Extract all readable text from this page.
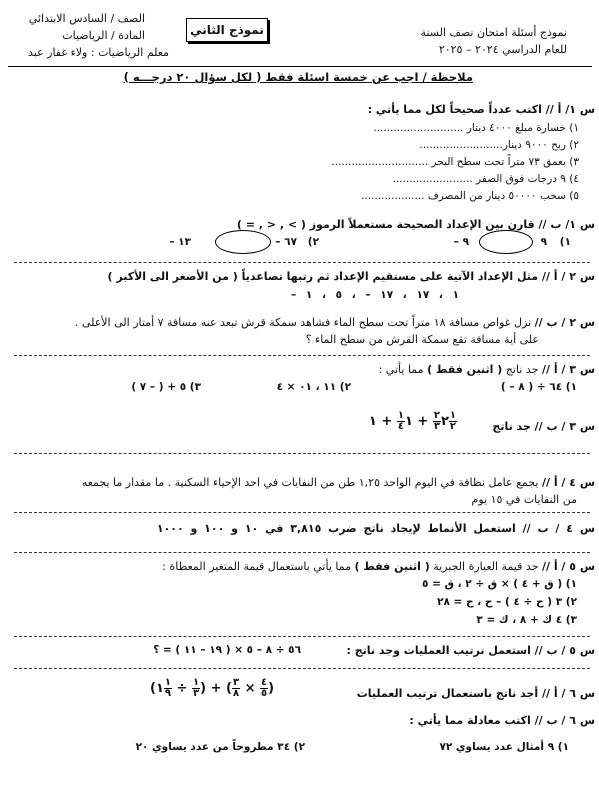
الصف / السادس الابتدائي
المادة / الرياضيات
معلم الرياضيات : ولاء غفار عبد
نموذج الثاني	نموذج أسئلة امتحان نصف السنة
للعام الدراسي ٢٠٢٤ – ٢٠٢٥
ملاحظة / اجب عن خمسة اسئلة فقط ( لكل سؤال ٢٠ درجـــه )
س ١/ أ // اكتب عدداً صحيحاً لكل مما يأتي :
١) خسارة مبلغ ٤٠٠٠ دينار ...........................
٢) ربح ٩٠٠٠ دينار.........................
٣) بعمق ٧٣ متراً تحت سطح البحر .............................
٤) ٩ درجات فوق الصفر ........................
٥) سحب ٥٠٠٠٠ دينار من المصرف ...................
س ١/ ب // قارن بين الإعداد الصحيحة مستعملاً الرموز ( > , < , = )
١)
٩
٩ –
٢)
٦٧ –
١٣ –
س ٢ / أ // مثل الإعداد الآتية على مستقيم الإعداد ثم رتبها تصاعدياً ( من الأصغر الى الأكبر )
١ ، ١٧ ، ١٧ – ، ٥ ، ١ –
س ٢ / ب // نزل غواص مسافة ١٨ متراً تحت سطح الماء فشاهد سمكة قرش تبعد عنه مسافة ٧ أمتار الى الأعلى .
على أية مسافة تقع سمكة القرش من سطح الماء ؟
س ٣ / أ // جد ناتج ( اثنين فقط ) مما يأتي :
١) ٦٤ ÷ ( ٨ – )
٢) ١١ ، ٠١ × ٤
٣) ٥ + ( – ٧ )
س ٣ / ب // جد ناتج
٢
$\frac{٢}{٣}$
+ ١
$\frac{١}{٤}$
+ ١	$\frac{١}{٢}$
س ٤ / أ // يجمع عامل نظافة في اليوم الواحد ١,٢٥ طن من النفايات في احد الإحياء السكنية . ما مقدار ما يجمعه
من النفايات في ١٥ يوم
س ٤ / ب // استعمل الأنماط لإيجاد ناتج ضرب ٣,٨١٥ في ١٠ و ١٠٠ و ١٠٠٠
س ٥ / أ // جد قيمة العبارة الجبرية ( اثنين فقط ) مما يأتي باستعمال قيمة المتغير المعطاة :
١) ( ق + ٤ ) × ق ÷ ٢ ، ق = ٥
٢) ٣ ( ح ÷ ٤ ) – ح ، ح = ٢٨
٣) ٤ ك + ٨ ، ك = ٣
س ٥ / ب // استعمل ترتيب العمليات وجد ناتج :
٥٦ ÷ ٨ – ٥ × ( ١٩ – ١١ ) = ؟
س ٦ / أ // أجد ناتج باستعمال ترتيب العمليات
(١ $\frac{١}{٩} \div \frac{١}{٣}$ ) + ( $\frac{٣}{٨} \times \frac{٤}{٥}$ )
س ٦ / ب // اكتب معادلة مما يأتي :
١) ٩ أمثال عدد يساوي ٧٢
٢) ٣٤ مطروحاً من عدد يساوي ٢٠
